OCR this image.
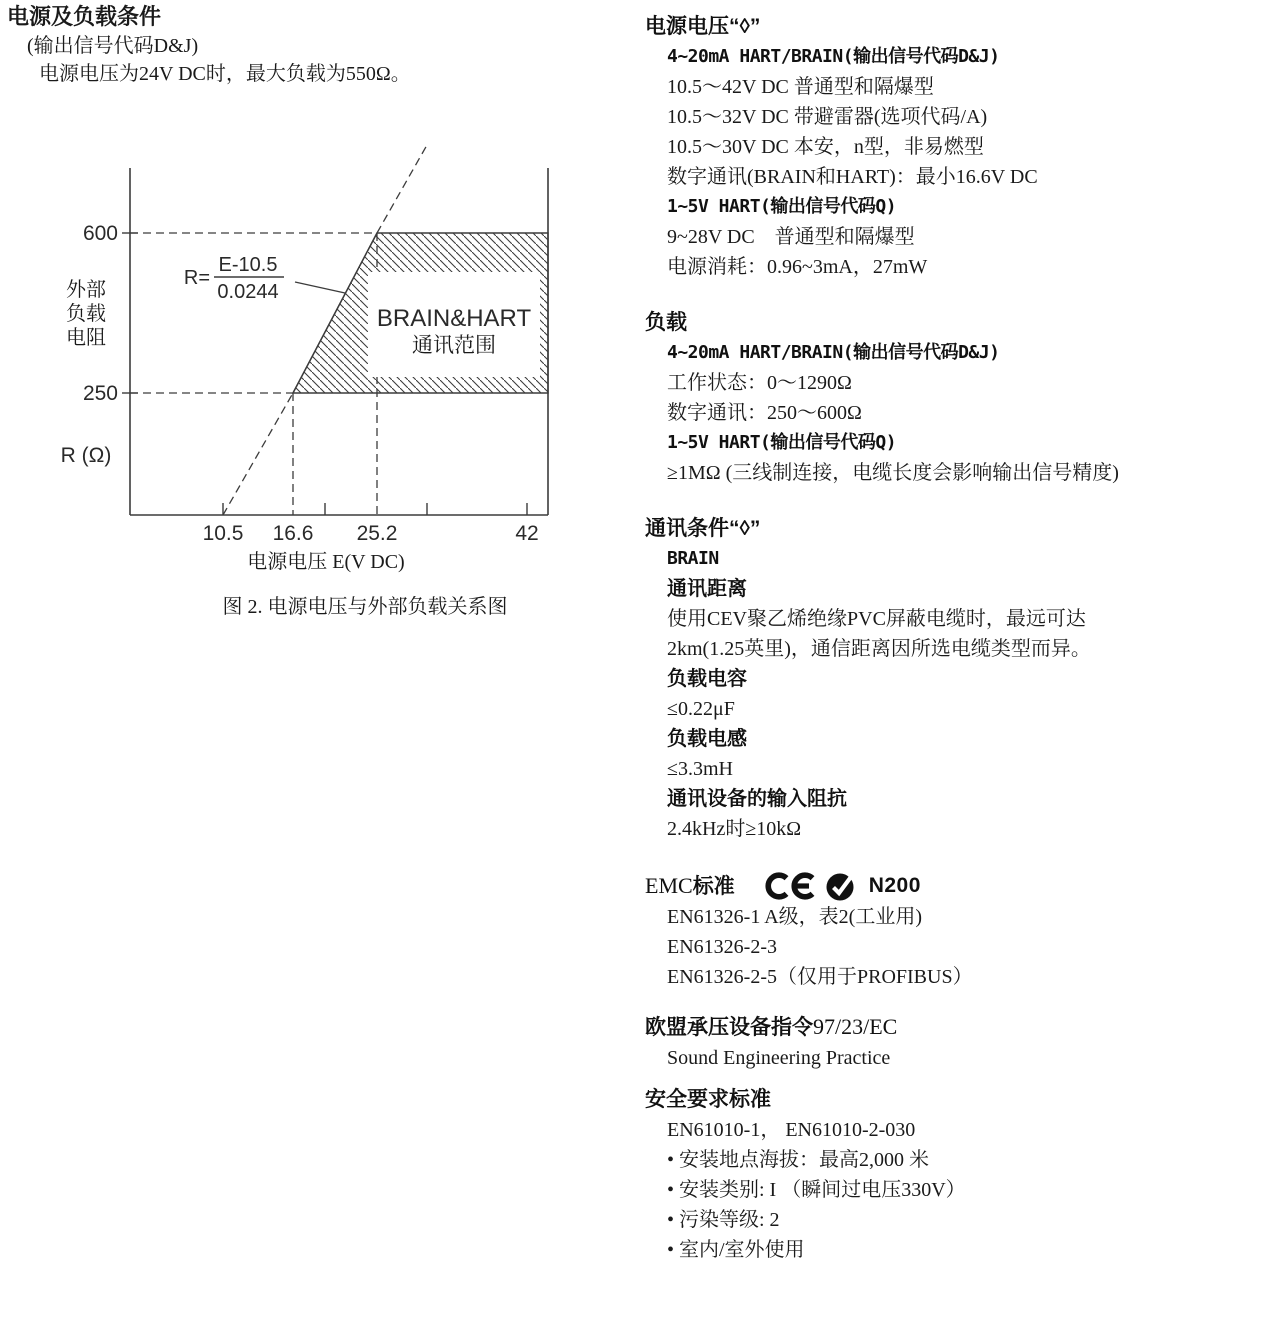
电源及负载条件
(输出信号代码D&J)
电源电压为24V DC时，最大负载为550Ω。
BRAIN&HART
通讯范围
600
250
外部
负载
电阻
R (Ω)
R=
E-10.5
0.0244
10.5 16.6 25.2	42
电源电压 E(V DC)
图 2. 电源电压与外部负载关系图
电源电压“◊”
4~20mA HART/BRAIN(输出信号代码D&J)
10.5～42V DC 普通型和隔爆型
10.5～32V DC 带避雷器(选项代码/A)
10.5～30V DC 本安，n型，非易燃型
数字通讯(BRAIN和HART)：最小16.6V DC
1~5V HART(输出信号代码Q)
9~28V DC　普通型和隔爆型
电源消耗：0.96~3mA，27mW
负载
4~20mA HART/BRAIN(输出信号代码D&J)
工作状态：0～1290Ω
数字通讯：250～600Ω
1~5V HART(输出信号代码Q)
≥1MΩ (三线制连接，电缆长度会影响输出信号精度)
通讯条件“◊”
BRAIN
通讯距离
使用CEV聚乙烯绝缘PVC屏蔽电缆时，最远可达
2km(1.25英里)，通信距离因所选电缆类型而异。
负载电容
≤0.22μF
负载电感
≤3.3mH
通讯设备的输入阻抗
2.4kHz时≥10kΩ
EMC标准	N200
EN61326-1 A级，表2(工业用)
EN61326-2-3
EN61326-2-5（仅用于PROFIBUS）
欧盟承压设备指令97/23/EC
Sound Engineering Practice
安全要求标准
EN61010-1， EN61010-2-030
• 安装地点海拔：最高2,000 米
• 安装类别: I （瞬间过电压330V）
• 污染等级: 2
• 室内/室外使用
